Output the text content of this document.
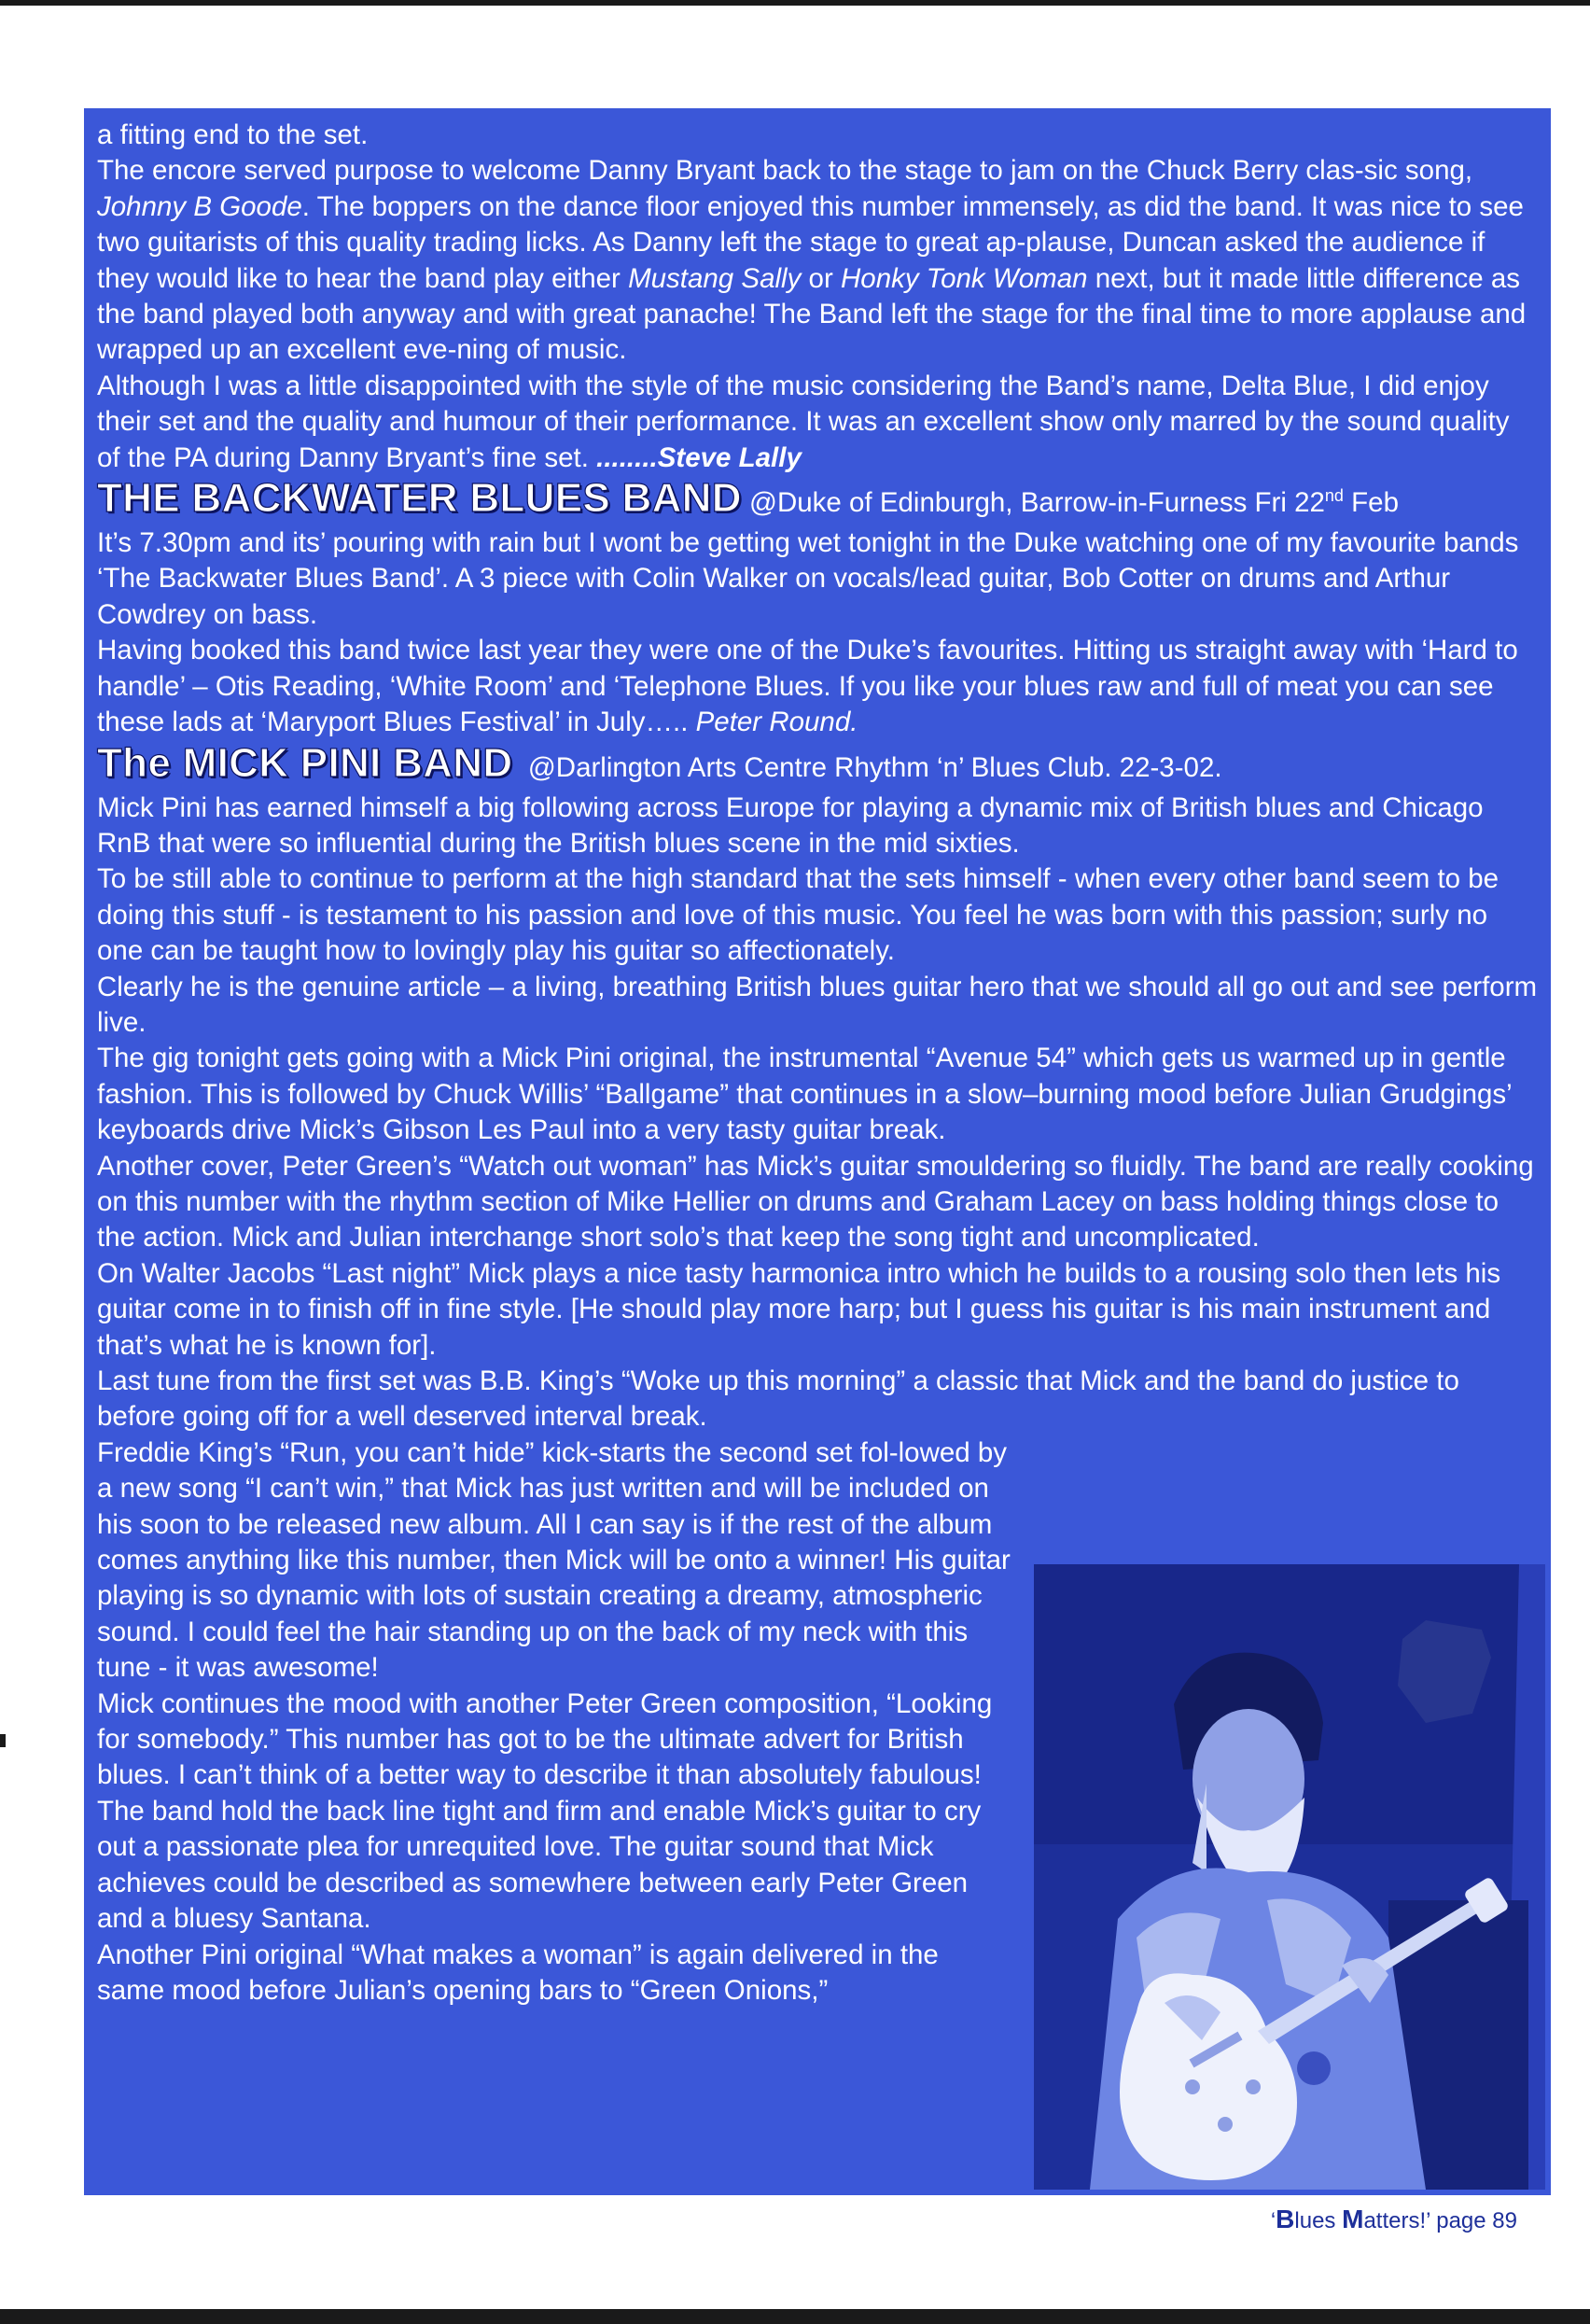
a fitting end to the set.

The encore served purpose to welcome Danny Bryant back to the stage to jam on the Chuck Berry clas-sic song, Johnny B Goode. The boppers on the dance floor enjoyed this number immensely, as did the band. It was nice to see two guitarists of this quality trading licks. As Danny left the stage to great ap-plause, Duncan asked the audience if they would like to hear the band play either Mustang Sally or Honky Tonk Woman next, but it made little difference as the band played both anyway and with great panache! The Band left the stage for the final time to more applause and wrapped up an excellent eve-ning of music.

Although I was a little disappointed with the style of the music considering the Band’s name, Delta Blue, I did enjoy their set and the quality and humour of their performance. It was an excellent show only marred by the sound quality of the PA during Danny Bryant’s fine set. ........Steve Lally

THE BACKWATER BLUES BAND @Duke of Edinburgh, Barrow-in-Furness Fri 22nd Feb

It’s 7.30pm and its’ pouring with rain but I wont be getting wet tonight in the Duke watching one of my favourite bands ‘The Backwater Blues Band’. A 3 piece with Colin Walker on vocals/lead guitar, Bob Cotter on drums and Arthur Cowdrey on bass.

Having booked this band twice last year they were one of the Duke’s favourites. Hitting us straight away with ‘Hard to handle’ – Otis Reading, ‘White Room’ and ‘Telephone Blues. If you like your blues raw and full of meat you can see these lads at ‘Maryport Blues Festival’ in July….. Peter Round.

The MICK PINI BAND @Darlington Arts Centre Rhythm ‘n’ Blues Club. 22-3-02.

Mick Pini has earned himself a big following across Europe for playing a dynamic mix of British blues and Chicago RnB that were so influential during the British blues scene in the mid sixties.

To be still able to continue to perform at the high standard that the sets himself - when every other band seem to be doing this stuff - is testament to his passion and love of this music. You feel he was born with this passion; surly no one can be taught how to lovingly play his guitar so affectionately.

Clearly he is the genuine article – a living, breathing British blues guitar hero that we should all go out and see perform live.

The gig tonight gets going with a Mick Pini original, the instrumental “Avenue 54” which gets us warmed up in gentle fashion. This is followed by Chuck Willis’ “Ballgame” that continues in a slow–burning mood before Julian Grudgings’ keyboards drive Mick’s Gibson Les Paul into a very tasty guitar break.

Another cover, Peter Green’s “Watch out woman” has Mick’s guitar smouldering so fluidly. The band are really cooking on this number with the rhythm section of Mike Hellier on drums and Graham Lacey on bass holding things close to the action. Mick and Julian interchange short solo’s that keep the song tight and uncomplicated.

On Walter Jacobs “Last night” Mick plays a nice tasty harmonica intro which he builds to a rousing solo then lets his guitar come in to finish off in fine style. [He should play more harp; but I guess his guitar is his main instrument and that’s what he is known for].

Last tune from the first set was B.B. King’s “Woke up this morning” a classic that Mick and the band do justice to before going off for a well deserved interval break.

Freddie King’s “Run, you can’t hide” kick-starts the second set fol-lowed by a new song “I can’t win,” that Mick has just written and will be included on his soon to be released new album. All I can say is if the rest of the album comes anything like this number, then Mick will be onto a winner! His guitar playing is so dynamic with lots of sustain creating a dreamy, atmospheric sound. I could feel the hair standing up on the back of my neck with this tune - it was awesome!

Mick continues the mood with another Peter Green composition, “Looking for somebody.” This number has got to be the ultimate advert for British blues. I can’t think of a better way to describe it than absolutely fabulous! The band hold the back line tight and firm and enable Mick’s guitar to cry out a passionate plea for unrequited love. The guitar sound that Mick achieves could be described as somewhere between early Peter Green and a bluesy Santana.

Another Pini original “What makes a woman” is again delivered in the same mood before Julian’s opening bars to “Green Onions,”

‘Blues Matters!’ page 89
